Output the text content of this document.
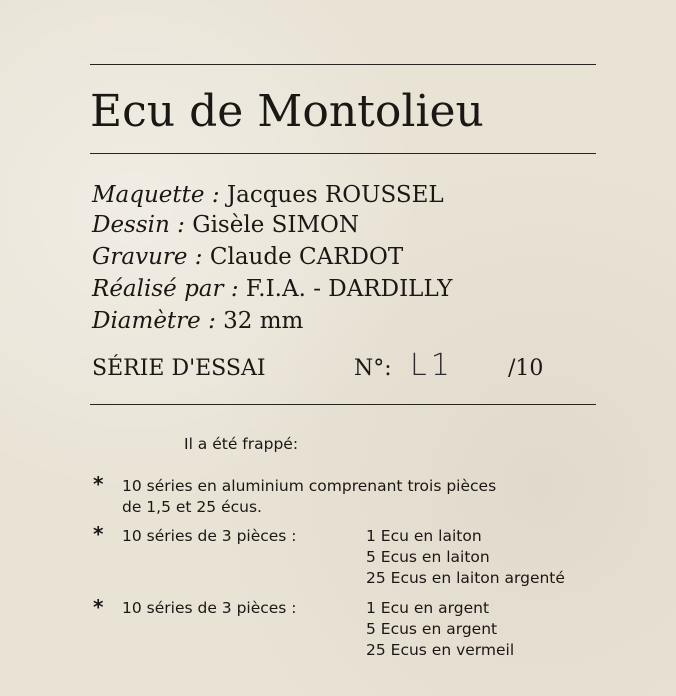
Ecu de Montolieu
Maquette : Jacques ROUSSEL
Dessin : Gisèle SIMON
Gravure : Claude CARDOT
Réalisé par : F.I.A. - DARDILLY
Diamètre : 32 mm
SÉRIE D'ESSAI	N°: L1 /10
Il a été frappé:
* 10 séries en aluminium comprenant trois pièces
de 1,5 et 25 écus.
* 10 séries de 3 pièces :	1 Ecu en laiton
5 Ecus en laiton
25 Ecus en laiton argenté
* 10 séries de 3 pièces :	1 Ecu en argent
5 Ecus en argent
25 Ecus en vermeil
